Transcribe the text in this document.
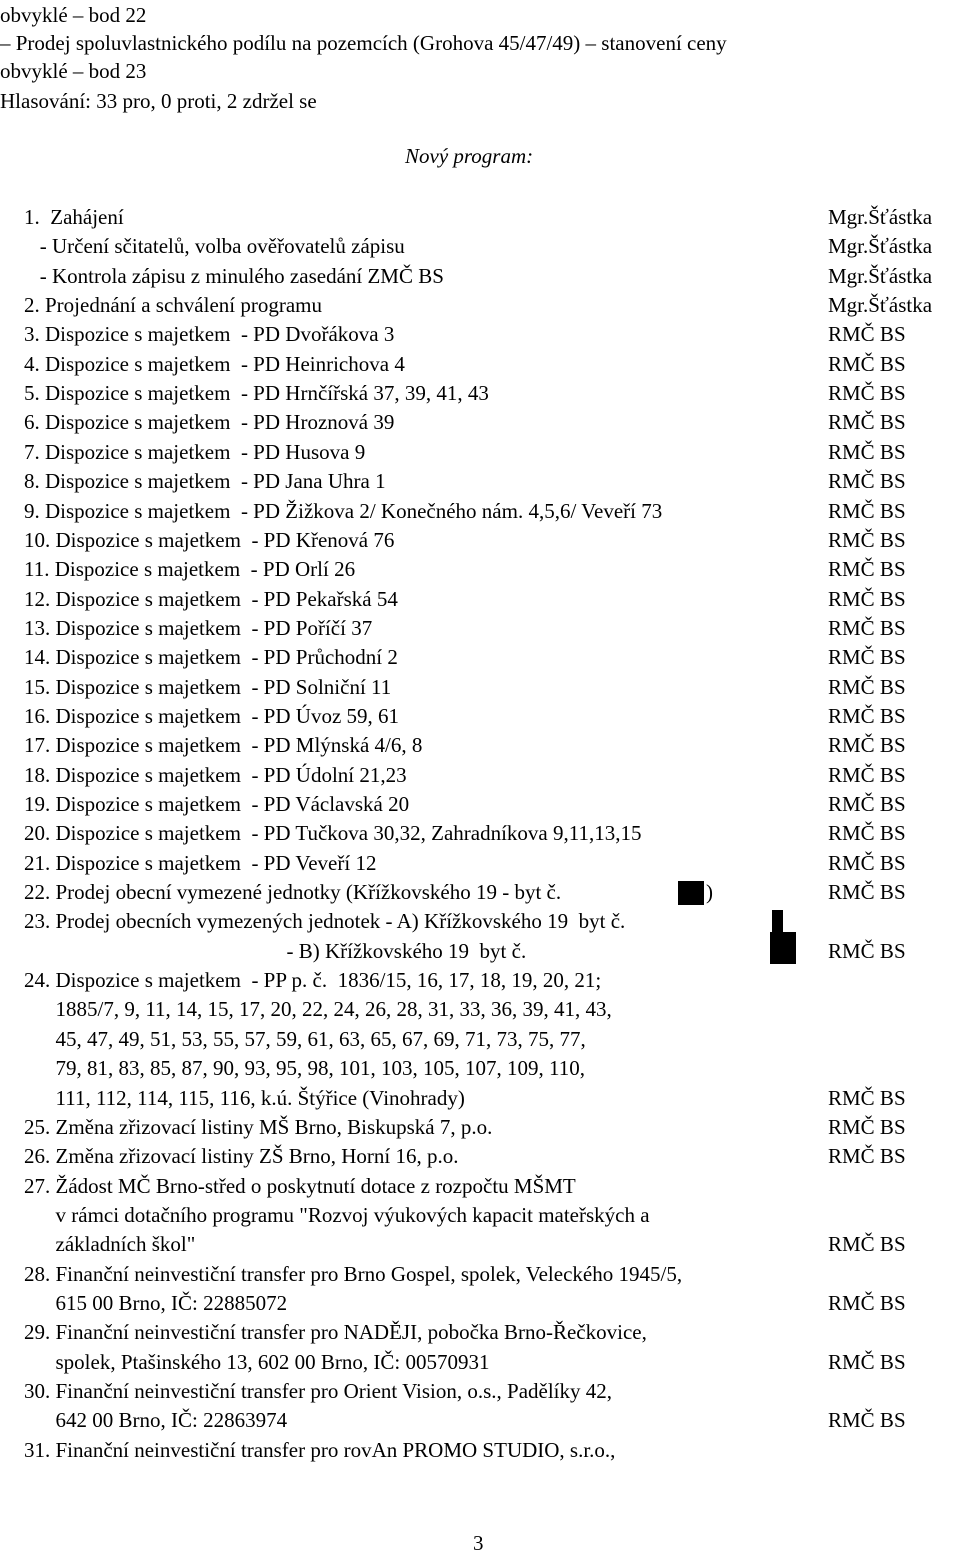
obvyklé – bod 22
– Prodej spoluvlastnického podílu na pozemcích (Grohova 45/47/49) – stanovení ceny
obvyklé – bod 23
Hlasování: 33 pro, 0 proti, 2 zdržel se
Nový program:
1.  Zahájení	Mgr.Šťástka
- Určení sčitatelů, volba ověřovatelů zápisu	Mgr.Šťástka
- Kontrola zápisu z minulého zasedání ZMČ BS	Mgr.Šťástka
2. Projednání a schválení programu	Mgr.Šťástka
3. Dispozice s majetkem  - PD Dvořákova 3	RMČ BS
4. Dispozice s majetkem  - PD Heinrichova 4	RMČ BS
5. Dispozice s majetkem  - PD Hrnčířská 37, 39, 41, 43	RMČ BS
6. Dispozice s majetkem  - PD Hroznová 39	RMČ BS
7. Dispozice s majetkem  - PD Husova 9	RMČ BS
8. Dispozice s majetkem  - PD Jana Uhra 1	RMČ BS
9. Dispozice s majetkem  - PD Žižkova 2/ Konečného nám. 4,5,6/ Veveří 73	RMČ BS
10. Dispozice s majetkem  - PD Křenová 76	RMČ BS
11. Dispozice s majetkem  - PD Orlí 26	RMČ BS
12. Dispozice s majetkem  - PD Pekařská 54	RMČ BS
13. Dispozice s majetkem  - PD Poříčí 37	RMČ BS
14. Dispozice s majetkem  - PD Průchodní 2	RMČ BS
15. Dispozice s majetkem  - PD Solniční 11	RMČ BS
16. Dispozice s majetkem  - PD Úvoz 59, 61	RMČ BS
17. Dispozice s majetkem  - PD Mlýnská 4/6, 8	RMČ BS
18. Dispozice s majetkem  - PD Údolní 21,23	RMČ BS
19. Dispozice s majetkem  - PD Václavská 20	RMČ BS
20. Dispozice s majetkem  - PD Tučkova 30,32, Zahradníkova 9,11,13,15	RMČ BS
21. Dispozice s majetkem  - PD Veveří 12	RMČ BS
22. Prodej obecní vymezené jednotky (Křížkovského 19 - byt č.	)	RMČ BS
23. Prodej obecních vymezených jednotek - A) Křížkovského 19  byt č.
- B) Křížkovského 19  byt č.	RMČ BS
24. Dispozice s majetkem  - PP p. č.  1836/15, 16, 17, 18, 19, 20, 21;
1885/7, 9, 11, 14, 15, 17, 20, 22, 24, 26, 28, 31, 33, 36, 39, 41, 43,
45, 47, 49, 51, 53, 55, 57, 59, 61, 63, 65, 67, 69, 71, 73, 75, 77,
79, 81, 83, 85, 87, 90, 93, 95, 98, 101, 103, 105, 107, 109, 110,
111, 112, 114, 115, 116, k.ú. Štýřice (Vinohrady)	RMČ BS
25. Změna zřizovací listiny MŠ Brno, Biskupská 7, p.o.	RMČ BS
26. Změna zřizovací listiny ZŠ Brno, Horní 16, p.o.	RMČ BS
27. Žádost MČ Brno-střed o poskytnutí dotace z rozpočtu MŠMT
v rámci dotačního programu "Rozvoj výukových kapacit mateřských a
základních škol"	RMČ BS
28. Finanční neinvestiční transfer pro Brno Gospel, spolek, Veleckého 1945/5,
615 00 Brno, IČ: 22885072	RMČ BS
29. Finanční neinvestiční transfer pro NADĚJI, pobočka Brno-Řečkovice,
spolek, Ptašinského 13, 602 00 Brno, IČ: 00570931	RMČ BS
30. Finanční neinvestiční transfer pro Orient Vision, o.s., Padělíky 42,
642 00 Brno, IČ: 22863974	RMČ BS
31. Finanční neinvestiční transfer pro rovAn PROMO STUDIO, s.r.o.,
3
